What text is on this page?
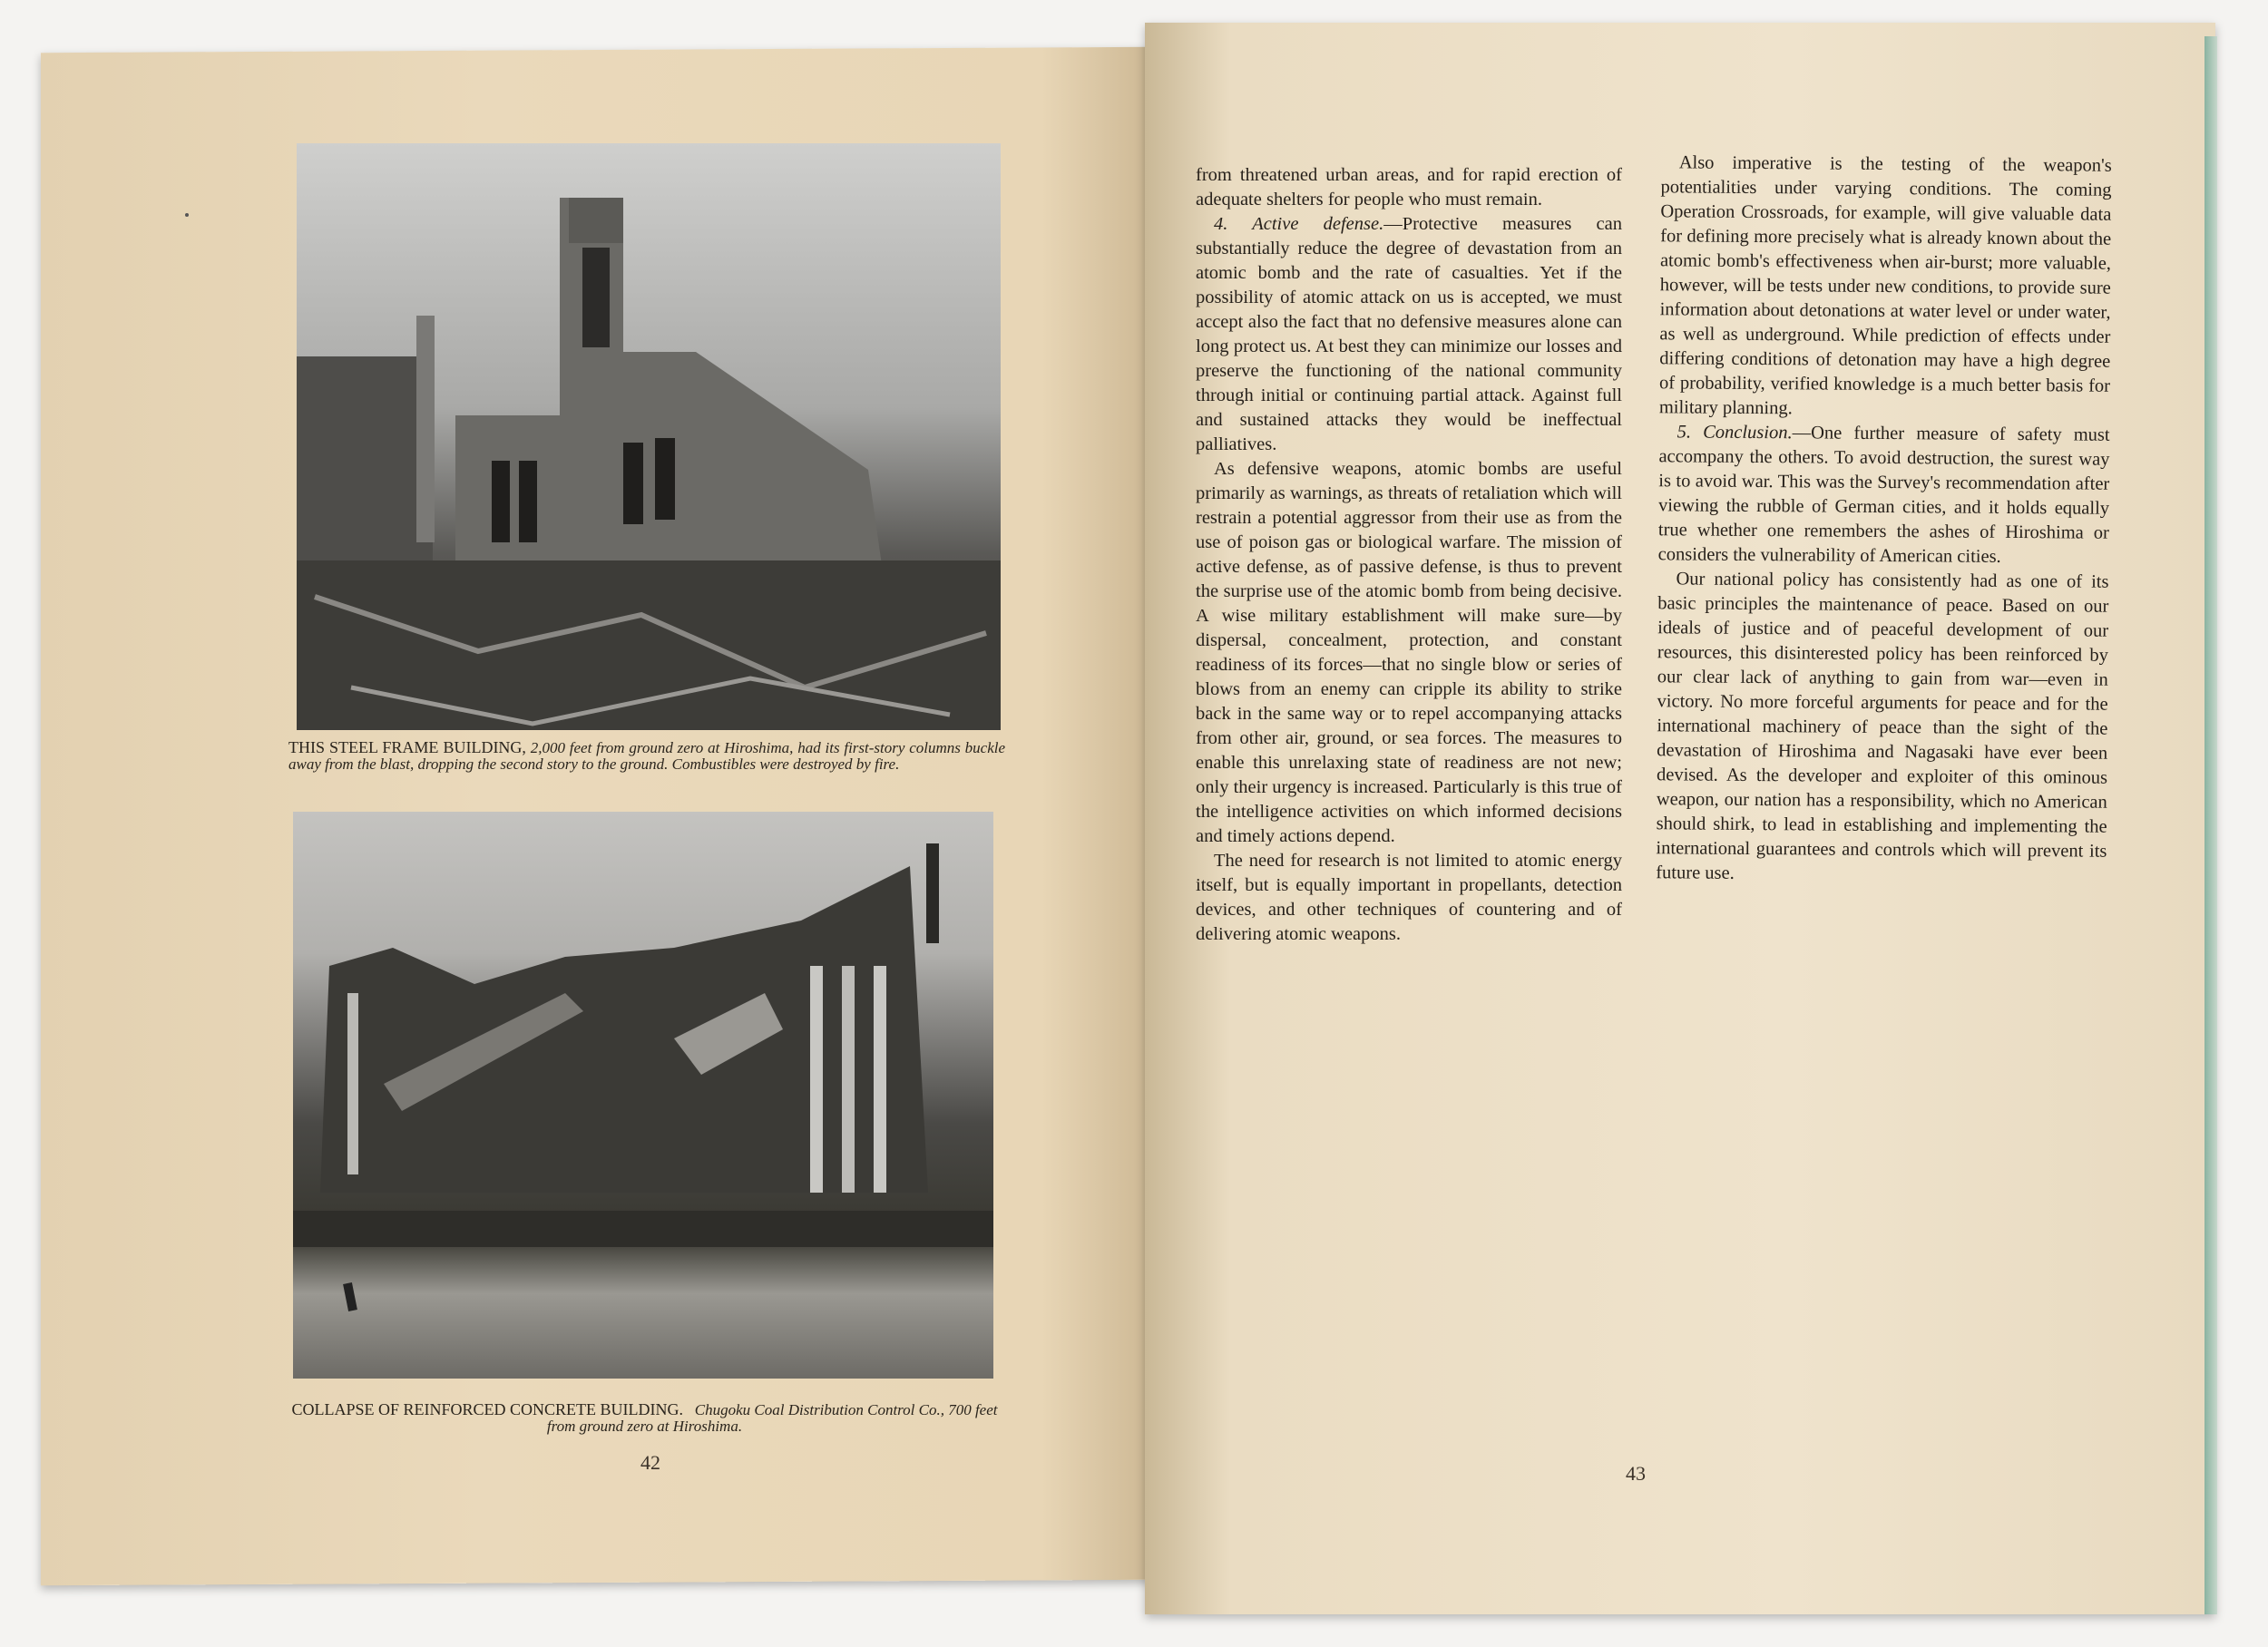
THIS STEEL FRAME BUILDING, 2,000 feet from ground zero at Hiroshima, had its first-story columns buckle away from the blast, dropping the second story to the ground. Combustibles were destroyed by fire.
COLLAPSE OF REINFORCED CONCRETE BUILDING. Chugoku Coal Distribution Control Co., 700 feet from ground zero at Hiroshima.
42

from threatened urban areas, and for rapid erection of adequate shelters for people who must remain.

4. Active defense.—Protective measures can substantially reduce the degree of devastation from an atomic bomb and the rate of casualties. Yet if the possibility of atomic attack on us is accepted, we must accept also the fact that no defensive measures alone can long protect us. At best they can minimize our losses and preserve the functioning of the national community through initial or continuing partial attack. Against full and sustained attacks they would be ineffectual palliatives.

As defensive weapons, atomic bombs are useful primarily as warnings, as threats of retaliation which will restrain a potential aggressor from their use as from the use of poison gas or biological warfare. The mission of active defense, as of passive defense, is thus to prevent the surprise use of the atomic bomb from being decisive. A wise military establishment will make sure—by dispersal, concealment, protection, and constant readiness of its forces—that no single blow or series of blows from an enemy can cripple its ability to strike back in the same way or to repel accompanying attacks from other air, ground, or sea forces. The measures to enable this unrelaxing state of readiness are not new; only their urgency is increased. Particularly is this true of the intelligence activities on which informed decisions and timely actions depend.

The need for research is not limited to atomic energy itself, but is equally important in propellants, detection devices, and other techniques of countering and of delivering atomic weapons.

Also imperative is the testing of the weapon's potentialities under varying conditions. The coming Operation Crossroads, for example, will give valuable data for defining more precisely what is already known about the atomic bomb's effectiveness when air-burst; more valuable, however, will be tests under new conditions, to provide sure information about detonations at water level or under water, as well as underground. While prediction of effects under differing conditions of detonation may have a high degree of probability, verified knowledge is a much better basis for military planning.

5. Conclusion.—One further measure of safety must accompany the others. To avoid destruction, the surest way is to avoid war. This was the Survey's recommendation after viewing the rubble of German cities, and it holds equally true whether one remembers the ashes of Hiroshima or considers the vulnerability of American cities.

Our national policy has consistently had as one of its basic principles the maintenance of peace. Based on our ideals of justice and of peaceful development of our resources, this disinterested policy has been reinforced by our clear lack of anything to gain from war—even in victory. No more forceful arguments for peace and for the international machinery of peace than the sight of the devastation of Hiroshima and Nagasaki have ever been devised. As the developer and exploiter of this ominous weapon, our nation has a responsibility, which no American should shirk, to lead in establishing and implementing the international guarantees and controls which will prevent its future use.

43
